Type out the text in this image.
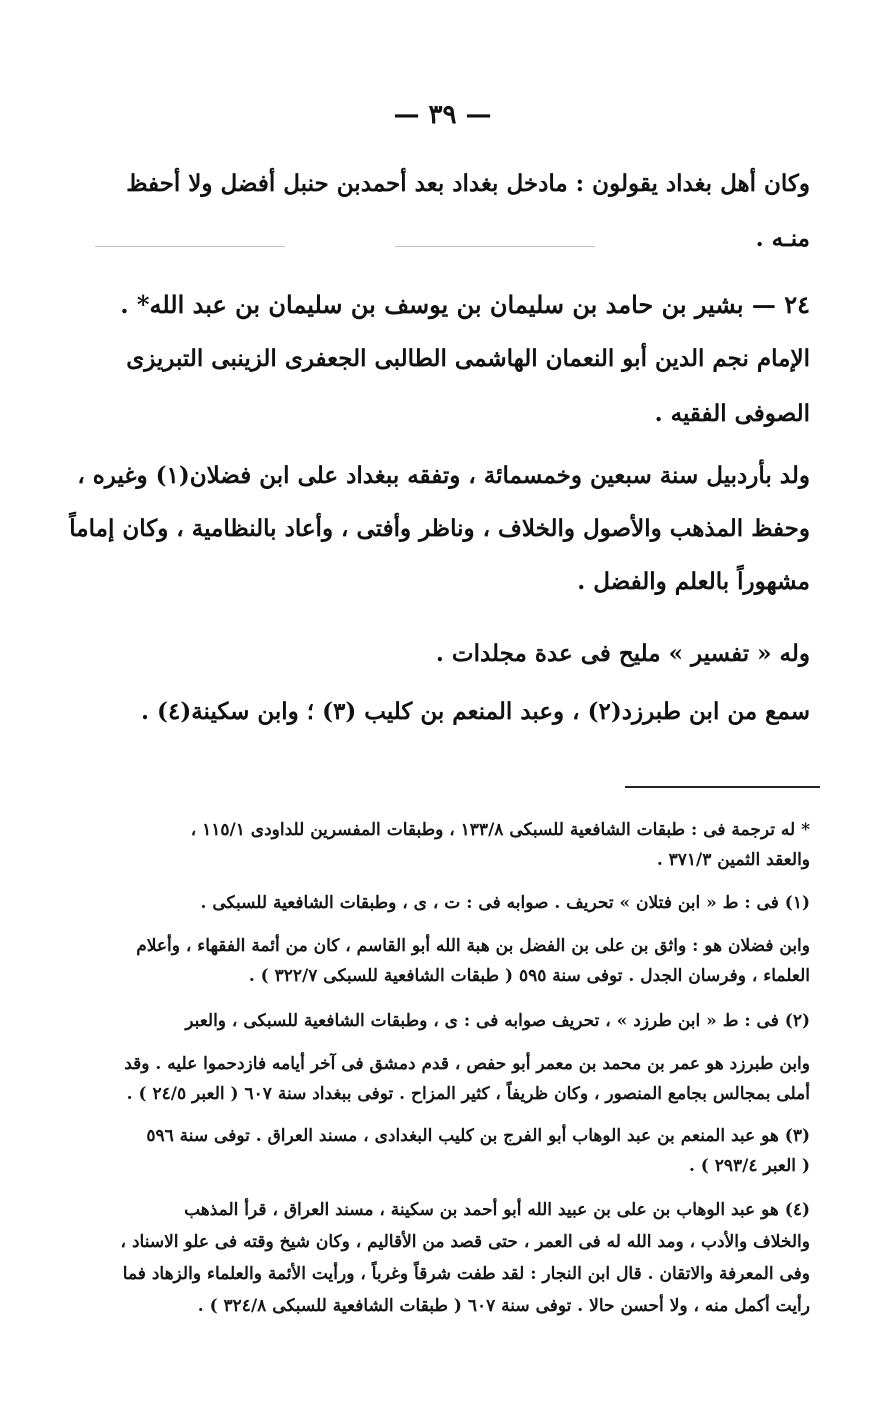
— ٣٩ —
وكان أهل بغداد يقولون : مادخل بغداد بعد أحمدبن حنبل أفضل ولا أحفظ
منـه .
٢٤ — بشير بن حامد بن سليمان بن يوسف بن سليمان بن عبد الله* .
الإمام نجم الدين أبو النعمان الهاشمى الطالبى الجعفرى الزينبى التبريزى
الصوفى الفقيه .
ولد بأردبيل سنة سبعين وخمسمائة ، وتفقه ببغداد على ابن فضلان(١) وغيره ،
وحفظ المذهب والأصول والخلاف ، وناظر وأفتى ، وأعاد بالنظامية ، وكان إماماً
مشهوراً بالعلم والفضل .
وله « تفسير » مليح فى عدة مجلدات .
سمع من ابن طبرزد(٢) ، وعبد المنعم بن كليب (٣) ؛ وابن سكينة(٤) .
* له ترجمة فى : طبقات الشافعية للسبكى ١٣٣/٨ ، وطبقات المفسرين للداودى ١١٥/١ ،
والعقد الثمين ٣٧١/٣ .
(١) فى : ط « ابن فتلان » تحريف . صوابه فى : ت ، ى ، وطبقات الشافعية للسبكى .
وابن فضلان هو : واثق بن على بن الفضل بن هبة الله أبو القاسم ، كان من أئمة الفقهاء ، وأعلام
العلماء ، وفرسان الجدل . توفى سنة ٥٩٥ ( طبقات الشافعية للسبكى ٣٢٢/٧ ) .
(٢) فى : ط « ابن طرزد » ، تحريف صوابه فى : ى ، وطبقات الشافعية للسبكى ، والعبر
وابن طبرزد هو عمر بن محمد بن معمر أبو حفص ، قدم دمشق فى آخر أيامه فازدحموا عليه . وقد
أملى بمجالس بجامع المنصور ، وكان ظريفاً ، كثير المزاح . توفى ببغداد سنة ٦٠٧ ( العبر ٢٤/٥ ) .
(٣) هو عبد المنعم بن عبد الوهاب أبو الفرج بن كليب البغدادى ، مسند العراق . توفى سنة ٥٩٦
( العبر ٢٩٣/٤ ) .
(٤) هو عبد الوهاب بن على بن عبيد الله أبو أحمد بن سكينة ، مسند العراق ، قرأ المذهب
والخلاف والأدب ، ومد الله له فى العمر ، حتى قصد من الأقاليم ، وكان شيخ وقته فى علو الاسناد ،
وفى المعرفة والاتقان . قال ابن النجار : لقد طفت شرقاً وغرباً ، ورأيت الأئمة والعلماء والزهاد فما
رأيت أكمل منه ، ولا أحسن حالا . توفى سنة ٦٠٧ ( طبقات الشافعية للسبكى ٣٢٤/٨ ) .
